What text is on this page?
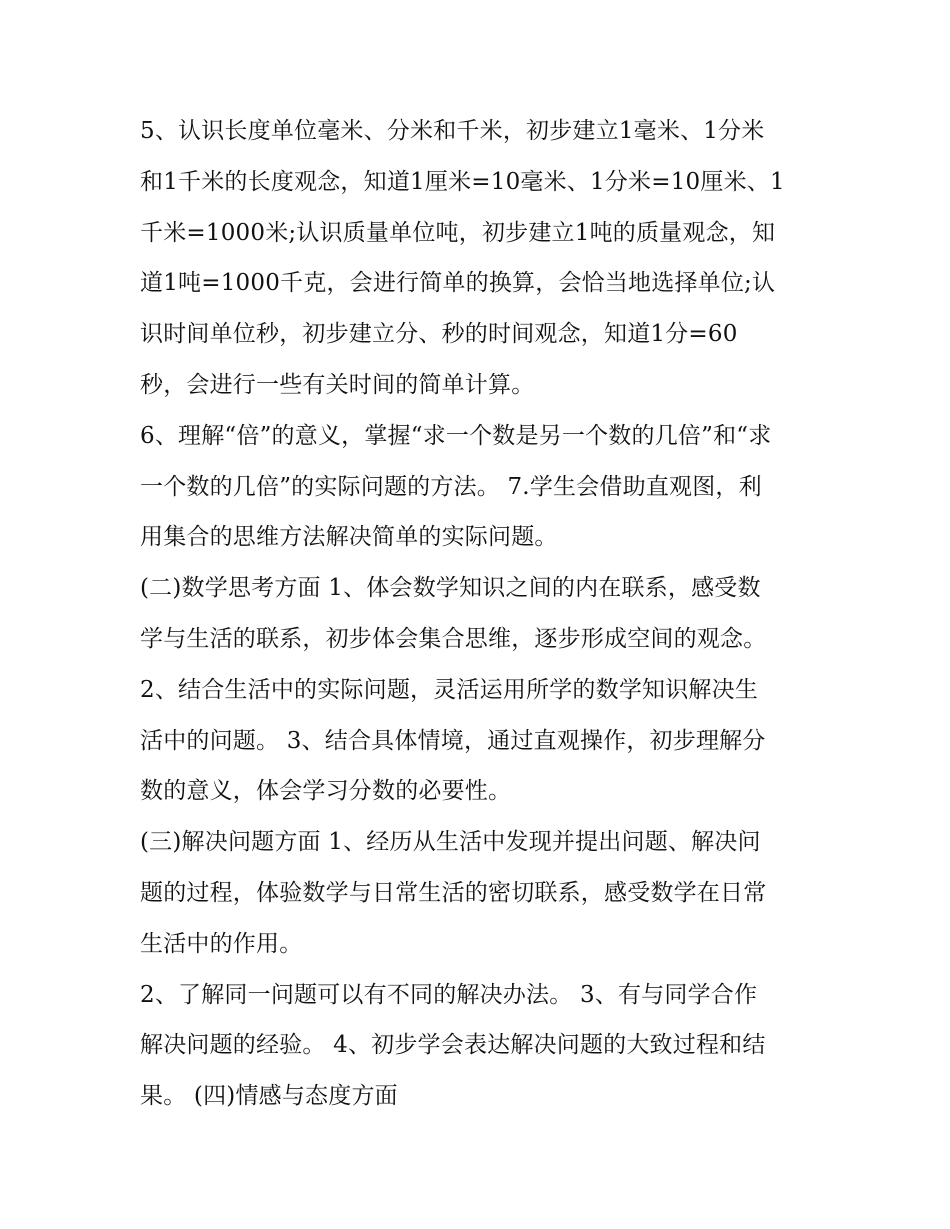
5、认识长度单位毫米、分米和千米，初步建立1毫米、1分米
和1千米的长度观念，知道1厘米=10毫米、1分米=10厘米、1
千米=1000米;认识质量单位吨，初步建立1吨的质量观念，知
道1吨=1000千克，会进行简单的换算，会恰当地选择单位;认
识时间单位秒，初步建立分、秒的时间观念，知道1分=60
秒，会进行一些有关时间的简单计算。
6、理解“倍”的意义，掌握“求一个数是另一个数的几倍”和“求
一个数的几倍”的实际问题的方法。 7.学生会借助直观图，利
用集合的思维方法解决简单的实际问题。
(二)数学思考方面 1、体会数学知识之间的内在联系，感受数
学与生活的联系，初步体会集合思维，逐步形成空间的观念。
2、结合生活中的实际问题，灵活运用所学的数学知识解决生
活中的问题。 3、结合具体情境，通过直观操作，初步理解分
数的意义，体会学习分数的必要性。
(三)解决问题方面 1、经历从生活中发现并提出问题、解决问
题的过程，体验数学与日常生活的密切联系，感受数学在日常
生活中的作用。
2、了解同一问题可以有不同的解决办法。 3、有与同学合作
解决问题的经验。 4、初步学会表达解决问题的大致过程和结
果。 (四)情感与态度方面
